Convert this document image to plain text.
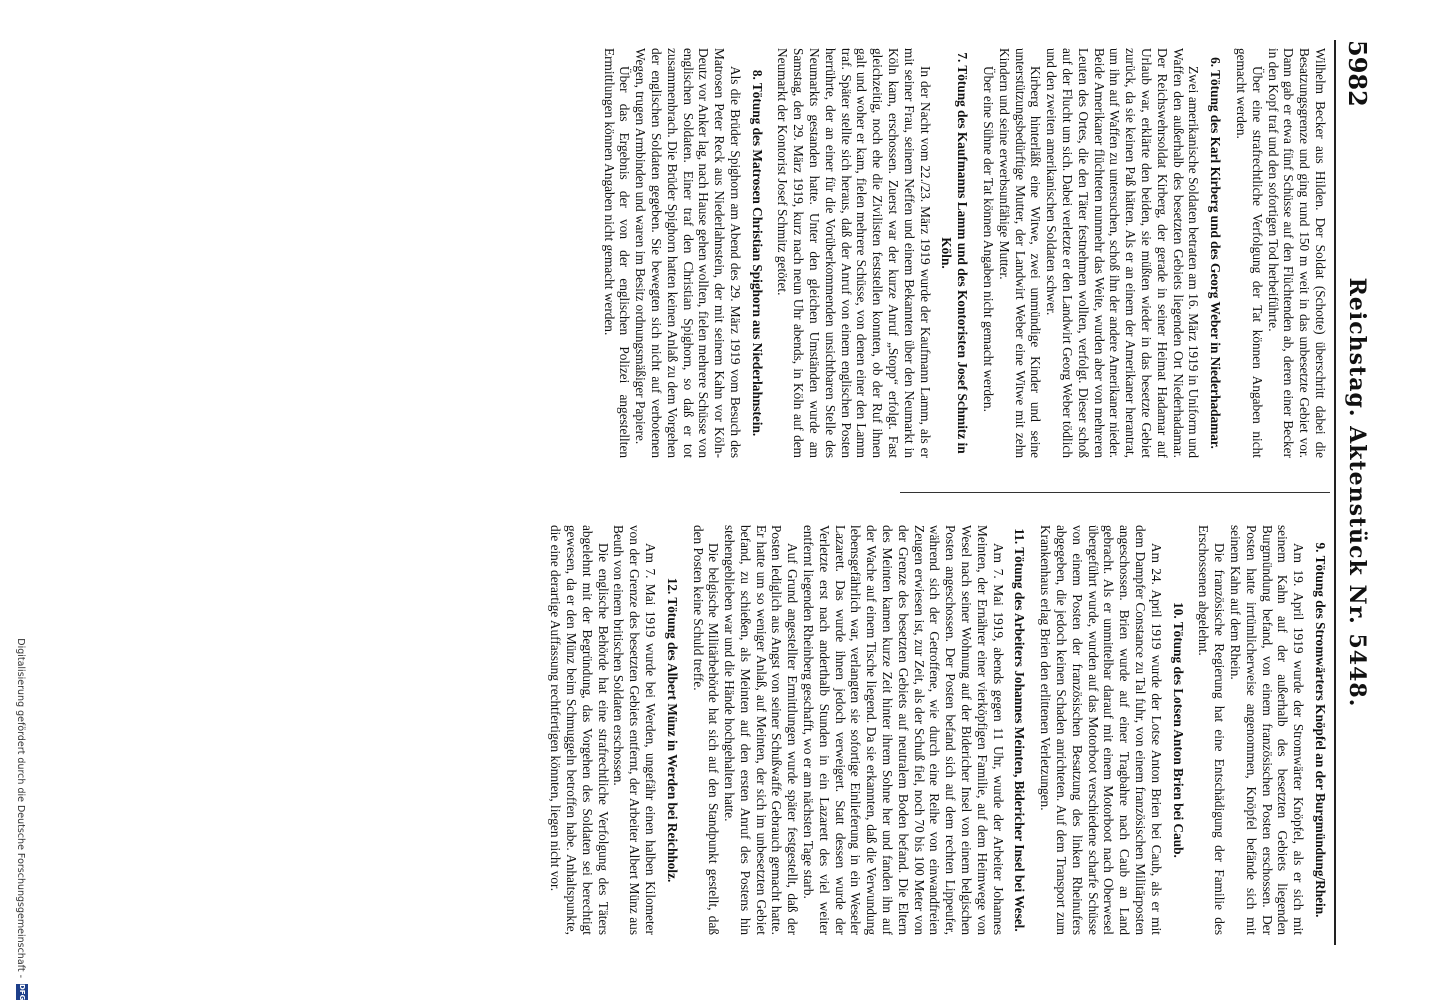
5982
Reichstag. Aktenstück Nr. 5448.

Wilhelm Becker aus Hilden. Der Soldat (Schotte) überschritt dabei die Besatzungsgrenze und ging rund 150 m weit in das unbesetzte Gebiet vor. Dann gab er etwa fünf Schüsse auf den Flüchtenden ab, deren einer Becker in den Kopf traf und den sofortigen Tod herbeiführte.

Über eine strafrechtliche Verfolgung der Tat können Angaben nicht gemacht werden.

6. Tötung des Karl Kirberg und des Georg Weber in Niederhadamar.

Zwei amerikanische Soldaten betraten am 16. März 1919 in Uniform und Waffen den außerhalb des besetzten Gebiets liegenden Ort Niederhadamar. Der Reichswehrsoldat Kirberg, der gerade in seiner Heimat Hadamar auf Urlaub war, erklärte den beiden, sie müßten wieder in das besetzte Gebiet zurück, da sie keinen Paß hätten. Als er an einem der Amerikaner herantrat, um ihn auf Waffen zu untersuchen, schoß ihn der andere Amerikaner nieder. Beide Amerikaner flüchteten nunmehr das Weite, wurden aber von mehreren Leuten des Ortes, die den Täter festnehmen wollten, verfolgt. Dieser schoß auf der Flucht um sich. Dabei verletzte er den Landwirt Georg Weber tödlich und den zweiten amerikanischen Soldaten schwer.

Kirberg hinterläßt eine Witwe, zwei unmündige Kinder und seine unterstützungsbedürftige Mutter, der Landwirt Weber eine Witwe mit zehn Kindern und seine erwerbsunfähige Mutter.

Über eine Sühne der Tat können Angaben nicht gemacht werden.

7. Tötung des Kaufmanns Lamm und des Kontoristen Josef Schmitz in Köln.

In der Nacht vom 22./23. März 1919 wurde der Kaufmann Lamm, als er mit seiner Frau, seinem Neffen und einem Bekannten über den Neumarkt in Köln kam, erschossen. Zuerst war der kurze Anruf „Stopp“ erfolgt. Fast gleichzeitig, noch ehe die Zivilisten feststellen konnten, ob der Ruf ihnen galt und woher er kam, fielen mehrere Schüsse, von denen einer den Lamm traf. Später stellte sich heraus, daß der Anruf von einem englischen Posten herrührte, der an einer für die Vorüberkommenden unsichtbaren Stelle des Neumarkts gestanden hatte. Unter den gleichen Umständen wurde am Samstag, den 29. März 1919, kurz nach neun Uhr abends, in Köln auf dem Neumarkt der Kontorist Josef Schmitz getötet.

8. Tötung des Matrosen Christian Spighorn aus Niederlahnstein.

Als die Brüder Spighorn am Abend des 29. März 1919 vom Besuch des Matrosen Peter Reck aus Niederlahnstein, der mit seinem Kahn vor Köln-Deutz vor Anker lag, nach Hause gehen wollten, fielen mehrere Schüsse von englischen Soldaten. Einer traf den Christian Spighorn, so daß er tot zusammenbrach. Die Brüder Spighorn hatten keinen Anlaß zu dem Vorgehen der englischen Soldaten gegeben. Sie bewegten sich nicht auf verbotenen Wegen, trugen Armbinden und waren im Besitz ordnungsmäßiger Papiere.

Über das Ergebnis der von der englischen Polizei angestellten Ermittlungen können Angaben nicht gemacht werden.

9. Tötung des Stromwärters Knöpfel an der Burgmündung/Rhein.

Am 19. April 1919 wurde der Stromwärter Knöpfel, als er sich mit seinem Kahn auf der außerhalb des besetzten Gebiets liegenden Burgmündung befand, von einem französischen Posten erschossen. Der Posten hatte irrtümlicherweise angenommen, Knöpfel befände sich mit seinem Kahn auf dem Rhein.

Die französische Regierung hat eine Entschädigung der Familie des Erschossenen abgelehnt.

10. Tötung des Lotsen Anton Brien bei Caub.

Am 24. April 1919 wurde der Lotse Anton Brien bei Caub, als er mit dem Dampfer Constance zu Tal fuhr, von einem französischen Militärposten angeschossen. Brien wurde auf einer Tragbahre nach Caub an Land gebracht. Als er unmittelbar darauf mit einem Motorboot nach Oberwesel übergeführt wurde, wurden auf das Motorboot verschiedene scharfe Schüsse von einem Posten der französischen Besatzung des linken Rheinufers abgegeben, die jedoch keinen Schaden anrichteten. Auf dem Transport zum Krankenhaus erlag Brien den erlittenen Verletzungen.

11. Tötung des Arbeiters Johannes Meinten, Bidericher Insel bei Wesel.

Am 7. Mai 1919, abends gegen 11 Uhr, wurde der Arbeiter Johannes Meinten, der Ernährer einer vierköpfigen Familie, auf dem Heimwege von Wesel nach seiner Wohnung auf der Bidericher Insel von einem belgischen Posten angeschossen. Der Posten befand sich auf dem rechten Lippeufer, während sich der Getroffene, wie durch eine Reihe von einwandfreien Zeugen erwiesen ist, zur Zeit, als der Schuß fiel, noch 70 bis 100 Meter von der Grenze des besetzten Gebiets auf neutralem Boden befand. Die Eltern des Meinten kamen kurze Zeit hinter ihrem Sohne her und fanden ihn auf der Wache auf einem Tische liegend. Da sie erkannten, daß die Verwundung lebensgefährlich war, verlangten sie sofortige Einlieferung in ein Weseler Lazarett. Das wurde ihnen jedoch verweigert. Statt dessen wurde der Verletzte erst nach anderthalb Stunden in ein Lazarett des viel weiter entfernt liegenden Rheinberg geschafft, wo er am nächsten Tage starb.

Auf Grund angestellter Ermittlungen wurde später festgestellt, daß der Posten lediglich aus Angst von seiner Schußwaffe Gebrauch gemacht hatte. Er hatte um so weniger Anlaß, auf Meinten, der sich im unbesetzten Gebiet befand, zu schießen, als Meinten auf den ersten Anruf des Postens hin stehengeblieben war und die Hände hochgehalten hatte.

Die belgische Militärbehörde hat sich auf den Standpunkt gestellt, daß den Posten keine Schuld treffe.

12. Tötung des Albert Münz in Werden bei Reichholz.

Am 7. Mai 1919 wurde bei Werden, ungefähr einen halben Kilometer von der Grenze des besetzten Gebiets entfernt, der Arbeiter Albert Münz aus Beuth von einem britischen Soldaten erschossen.

Die englische Behörde hat eine strafrechtliche Verfolgung des Täters abgelehnt mit der Begründung, das Vorgehen des Soldaten sei berechtigt gewesen, da er den Münz beim Schmuggeln betroffen habe. Anhaltspunkte, die eine derartige Auffassung rechtfertigen könnten, liegen nicht vor.

Digitalisierung gefördert durch die Deutsche Forschungsgemeinschaft -
DFG
